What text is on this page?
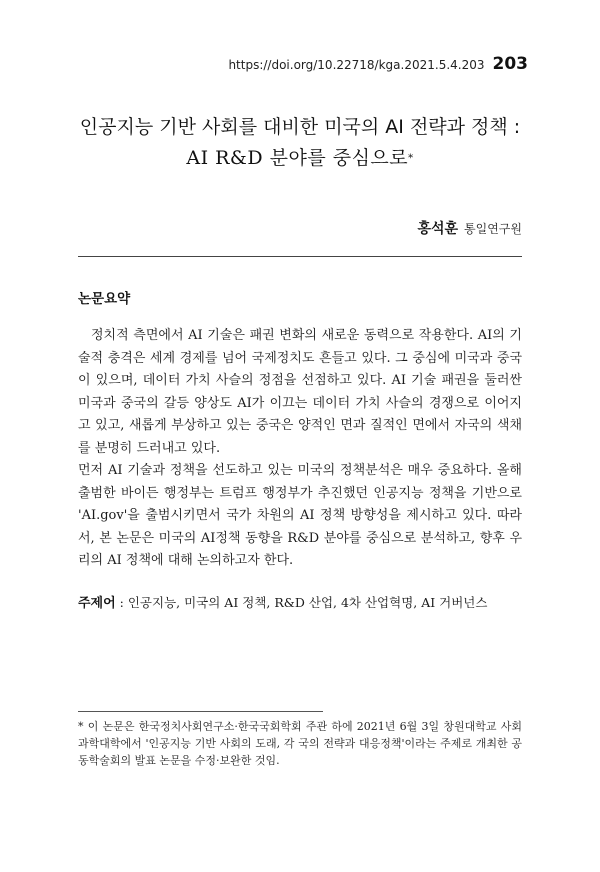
https://doi.org/10.22718/kga.2021.5.4.203 203
인공지능 기반 사회를 대비한 미국의 AI 전략과 정책 :
AI R&D 분야를 중심으로*
홍석훈 통일연구원
논문요약

정치적 측면에서 AI 기술은 패권 변화의 새로운 동력으로 작용한다. AI의 기술적 충격은 세계 경제를 넘어 국제정치도 흔들고 있다. 그 중심에 미국과 중국이 있으며, 데이터 가치 사슬의 정점을 선점하고 있다. AI 기술 패권을 둘러싼 미국과 중국의 갈등 양상도 AI가 이끄는 데이터 가치 사슬의 경쟁으로 이어지고 있고, 새롭게 부상하고 있는 중국은 양적인 면과 질적인 면에서 자국의 색채를 분명히 드러내고 있다.

먼저 AI 기술과 정책을 선도하고 있는 미국의 정책분석은 매우 중요하다. 올해 출범한 바이든 행정부는 트럼프 행정부가 추진했던 인공지능 정책을 기반으로 'AI.gov'을 출범시키면서 국가 차원의 AI 정책 방향성을 제시하고 있다. 따라서, 본 논문은 미국의 AI정책 동향을 R&D 분야를 중심으로 분석하고, 향후 우리의 AI 정책에 대해 논의하고자 한다.

주제어 : 인공지능, 미국의 AI 정책, R&D 산업, 4차 산업혁명, AI 거버넌스
* 이 논문은 한국정치사회연구소·한국국회학회 주관 하에 2021년 6월 3일 창원대학교 사회과학대학에서 '인공지능 기반 사회의 도래, 각 국의 전략과 대응정책'이라는 주제로 개최한 공동학술회의 발표 논문을 수정·보완한 것임.
